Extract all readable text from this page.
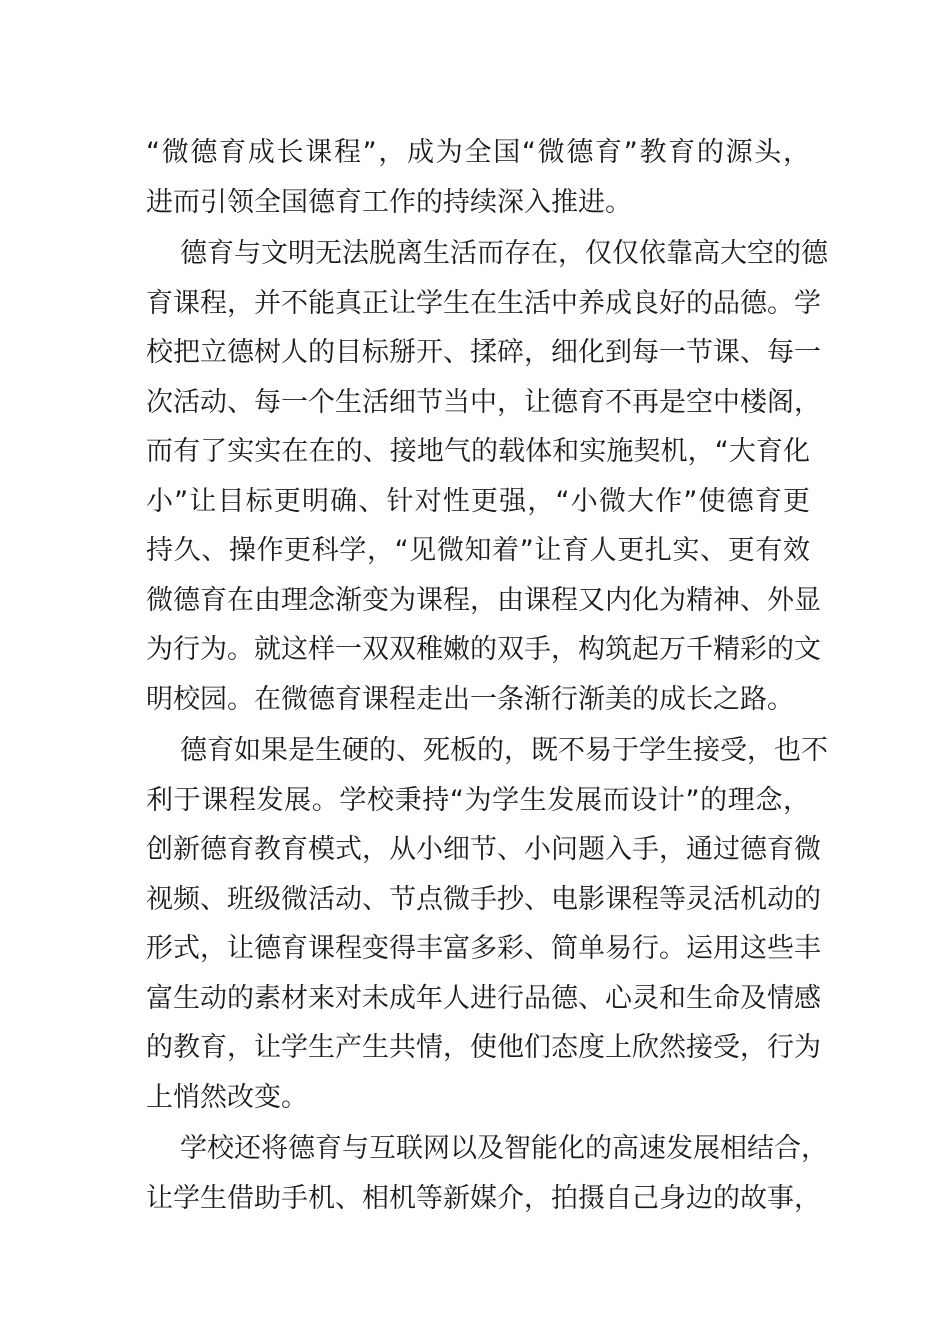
“微德育成长课程”，成为全国“微德育”教育的源头，
进而引领全国德育工作的持续深入推进。
德育与文明无法脱离生活而存在，仅仅依靠高大空的德
育课程，并不能真正让学生在生活中养成良好的品德。学
校把立德树人的目标掰开、揉碎，细化到每一节课、每一
次活动、每一个生活细节当中，让德育不再是空中楼阁，
而有了实实在在的、接地气的载体和实施契机，“大育化
小”让目标更明确、针对性更强，“小微大作”使德育更
持久、操作更科学，“见微知着”让育人更扎实、更有效
微德育在由理念渐变为课程，由课程又内化为精神、外显
为行为。就这样一双双稚嫩的双手，构筑起万千精彩的文
明校园。在微德育课程走出一条渐行渐美的成长之路。
德育如果是生硬的、死板的，既不易于学生接受，也不
利于课程发展。学校秉持“为学生发展而设计”的理念，
创新德育教育模式，从小细节、小问题入手，通过德育微
视频、班级微活动、节点微手抄、电影课程等灵活机动的
形式，让德育课程变得丰富多彩、简单易行。运用这些丰
富生动的素材来对未成年人进行品德、心灵和生命及情感
的教育，让学生产生共情，使他们态度上欣然接受，行为
上悄然改变。
学校还将德育与互联网以及智能化的高速发展相结合，
让学生借助手机、相机等新媒介，拍摄自己身边的故事，
